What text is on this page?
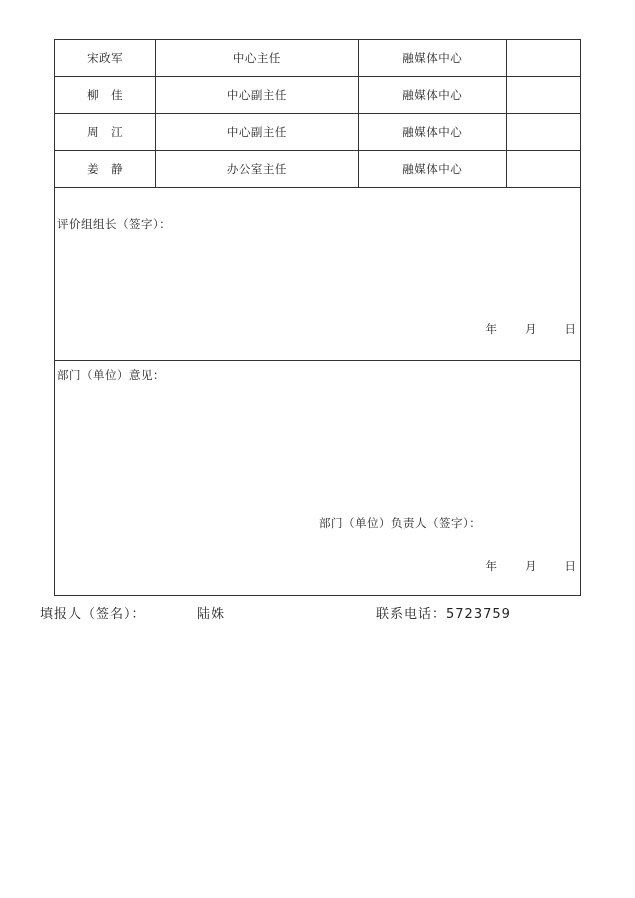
宋政军	中心主任	融媒体中心	
柳　佳	中心副主任	融媒体中心	
周　江	中心副主任	融媒体中心	
姜　静	办公室主任	融媒体中心	
评价组组长（签字）：
年 月 日
部门（单位）意见：
部门（单位）负责人（签字）：
年 月 日
填报人（签名）：	陆姝	联系电话：5723759
